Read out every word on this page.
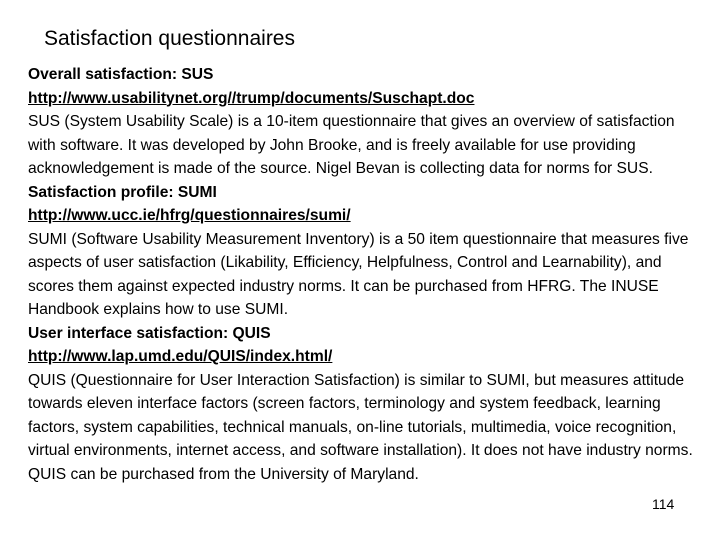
Satisfaction questionnaires

Overall satisfaction: SUS

http://www.usabilitynet.org//trump/documents/Suschapt.doc

SUS (System Usability Scale) is a 10-item questionnaire that gives an overview of satisfaction with software. It was developed by John Brooke, and is freely available for use providing acknowledgement is made of the source. Nigel Bevan is collecting data for norms for SUS.

Satisfaction profile: SUMI

http://www.ucc.ie/hfrg/questionnaires/sumi/

SUMI (Software Usability Measurement Inventory) is a 50 item questionnaire that measures five aspects of user satisfaction (Likability, Efficiency, Helpfulness, Control and Learnability), and scores them against expected industry norms. It can be purchased from HFRG. The INUSE Handbook explains how to use SUMI.

User interface satisfaction: QUIS

http://www.lap.umd.edu/QUIS/index.html/

QUIS (Questionnaire for User Interaction Satisfaction) is similar to SUMI, but measures attitude towards eleven interface factors (screen factors, terminology and system feedback, learning factors, system capabilities, technical manuals, on-line tutorials, multimedia, voice recognition, virtual environments, internet access, and software installation). It does not have industry norms. QUIS can be purchased from the University of Maryland.

114
